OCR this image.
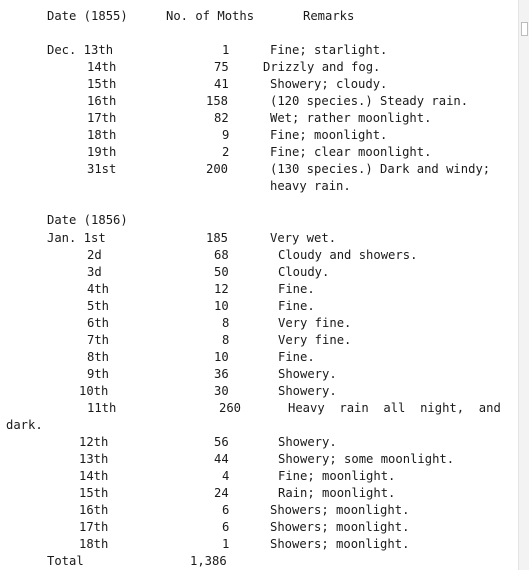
Date (1855)	No. of Moths	Remarks
Dec. 13th	1	Fine; starlight.
14th	75	Drizzly and fog.
15th	41	Showery; cloudy.
16th	158	(120 species.) Steady rain.
17th	82	Wet; rather moonlight.
18th	9	Fine; moonlight.
19th	2	Fine; clear moonlight.
31st	200	(130 species.) Dark and windy;
heavy rain.
Date (1856)
Jan. 1st	185	Very wet.
2d	68	Cloudy and showers.
3d	50	Cloudy.
4th	12	Fine.
5th	10	Fine.
6th	8	Very fine.
7th	8	Very fine.
8th	10	Fine.
9th	36	Showery.
10th	30	Showery.
11th	260	Heavy  rain  all  night,  and
dark.
12th	56	Showery.
13th	44	Showery; some moonlight.
14th	4	Fine; moonlight.
15th	24	Rain; moonlight.
16th	6	Showers; moonlight.
17th	6	Showers; moonlight.
18th	1	Showers; moonlight.
Total	1,386
